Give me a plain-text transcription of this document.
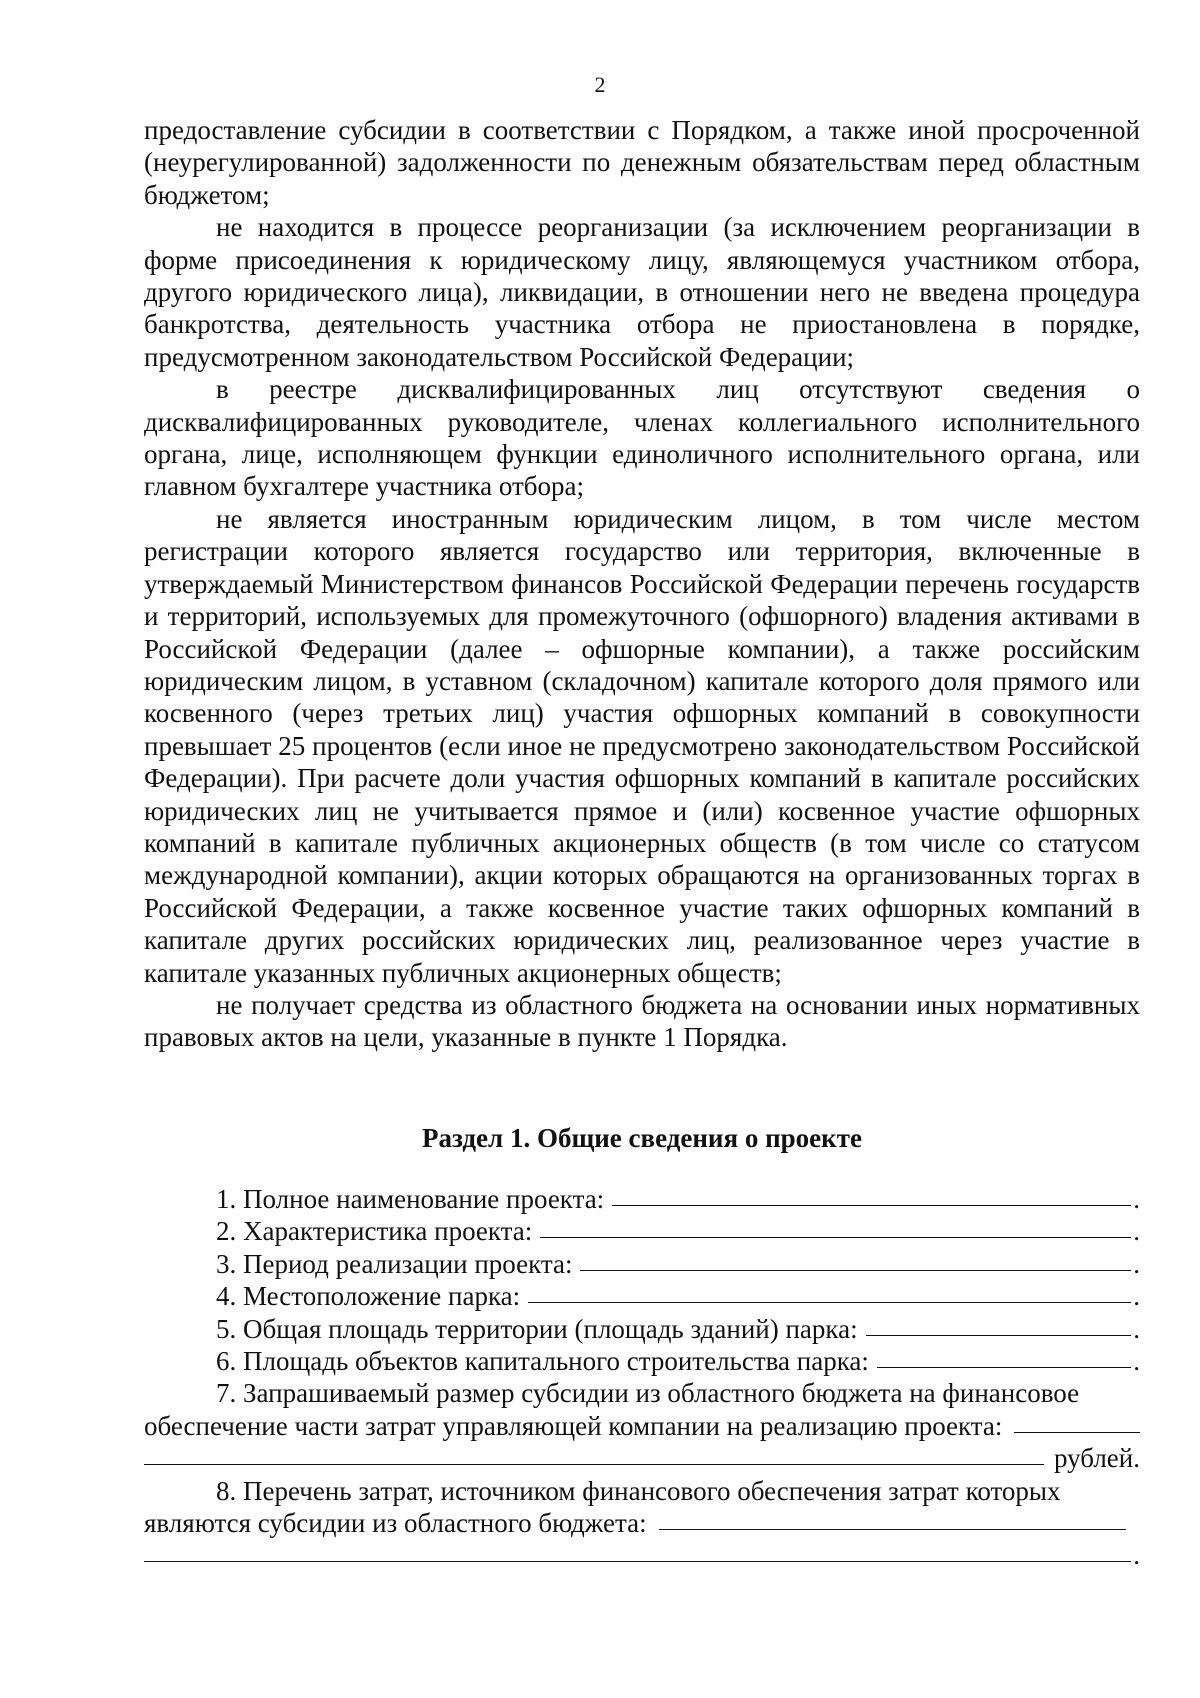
2

предоставление субсидии в соответствии с Порядком, а также иной просроченной (неурегулированной) задолженности по денежным обязательствам перед областным бюджетом;

не находится в процессе реорганизации (за исключением реорганизации в форме присоединения к юридическому лицу, являющемуся участником отбора, другого юридического лица), ликвидации, в отношении него не введена процедура банкротства, деятельность участника отбора не приостановлена в порядке, предусмотренном законодательством Российской Федерации;

в реестре дисквалифицированных лиц отсутствуют сведения о дисквалифицированных руководителе, членах коллегиального исполнительного органа, лице, исполняющем функции единоличного исполнительного органа, или главном бухгалтере участника отбора;

не является иностранным юридическим лицом, в том числе местом регистрации которого является государство или территория, включенные в утверждаемый Министерством финансов Российской Федерации перечень государств и территорий, используемых для промежуточного (офшорного) владения активами в Российской Федерации (далее – офшорные компании), а также российским юридическим лицом, в уставном (складочном) капитале которого доля прямого или косвенного (через третьих лиц) участия офшорных компаний в совокупности превышает 25 процентов (если иное не предусмотрено законодательством Российской Федерации). При расчете доли участия офшорных компаний в капитале российских юридических лиц не учитывается прямое и (или) косвенное участие офшорных компаний в капитале публичных акционерных обществ (в том числе со статусом международной компании), акции которых обращаются на организованных торгах в Российской Федерации, а также косвенное участие таких офшорных компаний в капитале других российских юридических лиц, реализованное через участие в капитале указанных публичных акционерных обществ;

не получает средства из областного бюджета на основании иных нормативных правовых актов на цели, указанные в пункте 1 Порядка.

Раздел 1. Общие сведения о проекте
1. Полное наименование проекта:	.
2. Характеристика проекта:	.
3. Период реализации проекта:	.
4. Местоположение парка:	.
5. Общая площадь территории (площадь зданий) парка:	.
6. Площадь объектов капитального строительства парка:	.
7. Запрашиваемый размер субсидии из областного бюджета на финансовое
обеспечение части затрат управляющей компании на реализацию проекта:
рублей.
8. Перечень затрат, источником финансового обеспечения затрат которых
являются субсидии из областного бюджета:
.
